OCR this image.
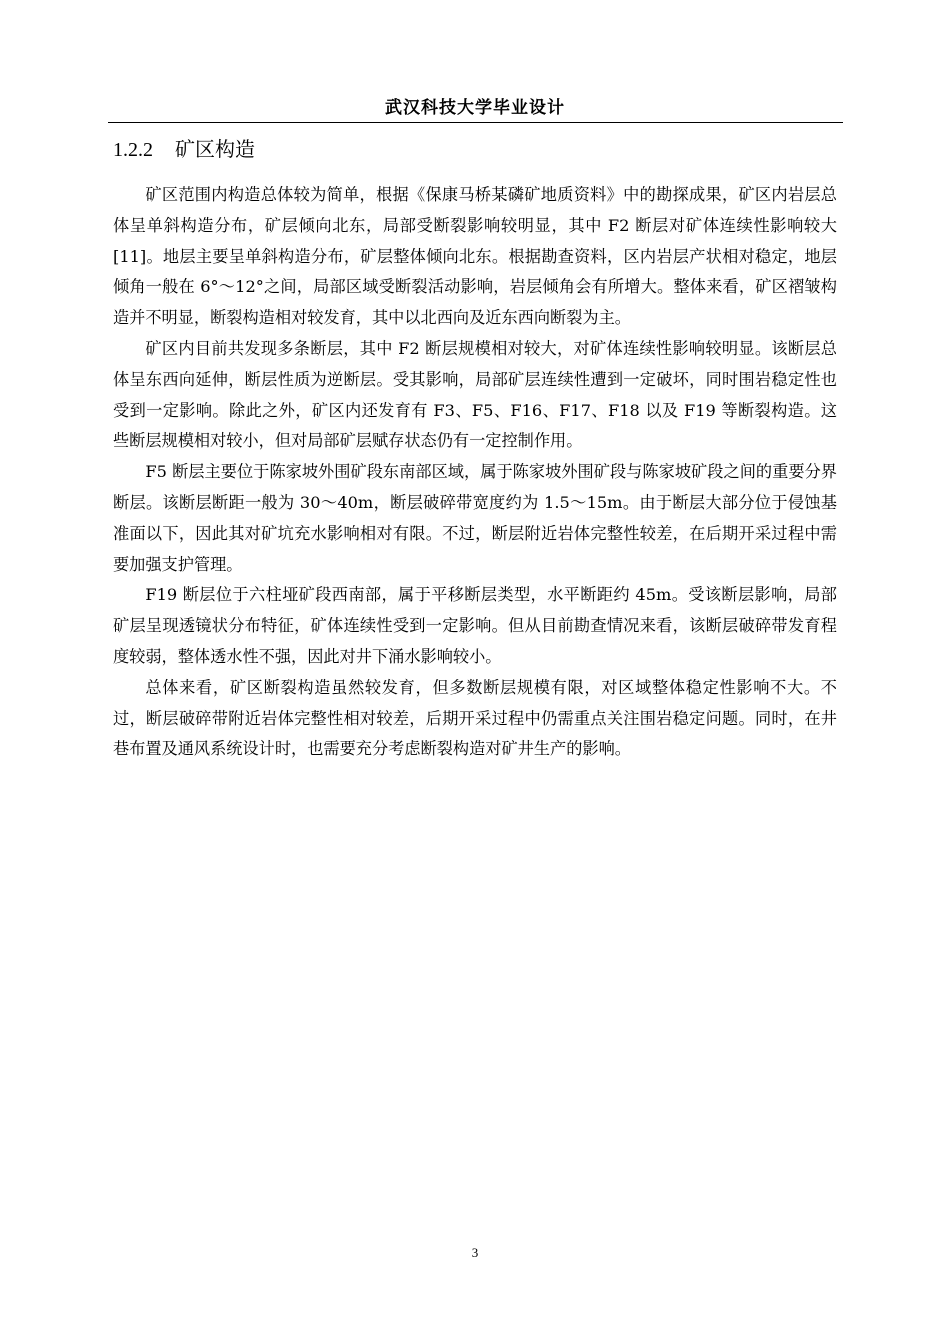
武汉科技大学毕业设计
1.2.2 矿区构造

矿区范围内构造总体较为简单，根据《保康马桥某磷矿地质资料》中的勘探成果，矿区内岩层总体呈单斜构造分布，矿层倾向北东，局部受断裂影响较明显，其中 F2 断层对矿体连续性影响较大[11]。地层主要呈单斜构造分布，矿层整体倾向北东。根据勘查资料，区内岩层产状相对稳定，地层倾角一般在 6°～12°之间，局部区域受断裂活动影响，岩层倾角会有所增大。整体来看，矿区褶皱构造并不明显，断裂构造相对较发育，其中以北西向及近东西向断裂为主。

矿区内目前共发现多条断层，其中 F2 断层规模相对较大，对矿体连续性影响较明显。该断层总体呈东西向延伸，断层性质为逆断层。受其影响，局部矿层连续性遭到一定破坏，同时围岩稳定性也受到一定影响。除此之外，矿区内还发育有 F3、F5、F16、F17、F18 以及 F19 等断裂构造。这些断层规模相对较小，但对局部矿层赋存状态仍有一定控制作用。

F5 断层主要位于陈家坡外围矿段东南部区域，属于陈家坡外围矿段与陈家坡矿段之间的重要分界断层。该断层断距一般为 30～40m，断层破碎带宽度约为 1.5～15m。由于断层大部分位于侵蚀基准面以下，因此其对矿坑充水影响相对有限。不过，断层附近岩体完整性较差，在后期开采过程中需要加强支护管理。

F19 断层位于六柱垭矿段西南部，属于平移断层类型，水平断距约 45m。受该断层影响，局部矿层呈现透镜状分布特征，矿体连续性受到一定影响。但从目前勘查情况来看，该断层破碎带发育程度较弱，整体透水性不强，因此对井下涌水影响较小。

总体来看，矿区断裂构造虽然较发育，但多数断层规模有限，对区域整体稳定性影响不大。不过，断层破碎带附近岩体完整性相对较差，后期开采过程中仍需重点关注围岩稳定问题。同时，在井巷布置及通风系统设计时，也需要充分考虑断裂构造对矿井生产的影响。

3
